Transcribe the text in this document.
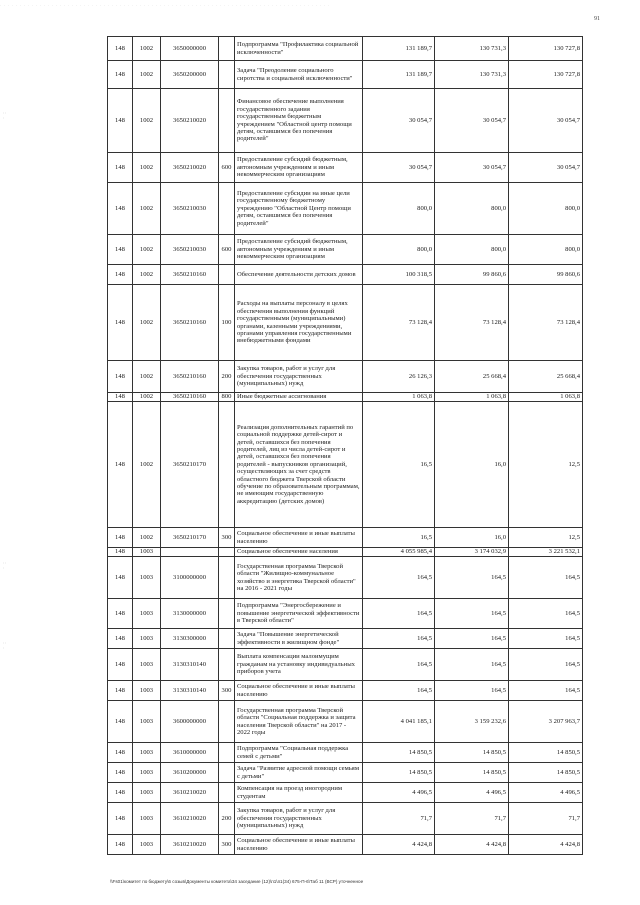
. . . . . . . . . . . . . . . . . . . . . . . . . . . . . . . . . . . . . . . . . . . . . . . . . . . . . . . . . . . . . . . . . . . . . . . . . . . . . . . . . . .
: : :
: : :
: : :
91
148	1002	3650000000		Подпрограмма "Профилактика социальной исключенности"	131 189,7	130 731,3	130 727,8
148	1002	3650200000		Задача "Преодоление социального сиротства и социальной исключенности"	131 189,7	130 731,3	130 727,8
148	1002	3650210020		Финансовое обеспечение выполнения государственного задания государственным бюджетным учреждением "Областной центр помощи детям, оставшимся без попечения родителей"	30 054,7	30 054,7	30 054,7
148	1002	3650210020	600	Предоставление субсидий бюджетным, автономным учреждениям и иным некоммерческим организациям	30 054,7	30 054,7	30 054,7
148	1002	3650210030		Предоставление субсидии на иные цели государственному бюджетному учреждению "Областной Центр помощи детям, оставшимся без попечения родителей"	800,0	800,0	800,0
148	1002	3650210030	600	Предоставление субсидий бюджетным, автономным учреждениям и иным некоммерческим организациям	800,0	800,0	800,0
148	1002	3650210160		Обеспечение деятельности детских домов	100 318,5	99 860,6	99 860,6
148	1002	3650210160	100	Расходы на выплаты персоналу в целях обеспечения выполнения функций государственными (муниципальными) органами, казенными учреждениями, органами управления государственными внебюджетными фондами	73 128,4	73 128,4	73 128,4
148	1002	3650210160	200	Закупка товаров, работ и услуг для обеспечения государственных (муниципальных) нужд	26 126,3	25 668,4	25 668,4
148	1002	3650210160	800	Иные бюджетные ассигнования	1 063,8	1 063,8	1 063,8
148	1002	3650210170		Реализация дополнительных гарантий по социальной поддержке детей-сирот и детей, оставшихся без попечения родителей, лиц из числа детей-сирот и детей, оставшихся без попечения родителей - выпускников организаций, осуществляющих за счет средств областного бюджета Тверской области обучение по образовательным программам, не имеющим государственную аккредитацию (детских домов)	16,5	16,0	12,5
148	1002	3650210170	300	Социальное обеспечение и иные выплаты населению	16,5	16,0	12,5
148	1003			Социальное обеспечение населения	4 055 985,4	3 174 032,9	3 221 532,1
148	1003	3100000000		Государственная программа Тверской области "Жилищно-коммунальное хозяйство и энергетика Тверской области" на 2016 - 2021 годы	164,5	164,5	164,5
148	1003	3130000000		Подпрограмма "Энергосбережение и повышение энергетической эффективности в Тверской области"	164,5	164,5	164,5
148	1003	3130300000		Задача "Повышение энергетической эффективности в жилищном фонде"	164,5	164,5	164,5
148	1003	3130310140		Выплата компенсации малоимущим гражданам на установку индивидуальных приборов учета	164,5	164,5	164,5
148	1003	3130310140	300	Социальное обеспечение и иные выплаты населению	164,5	164,5	164,5
148	1003	3600000000		Государственная программа Тверской области "Социальная поддержка и защита населения Тверской области" на 2017 - 2022 годы	4 041 185,1	3 159 232,6	3 207 963,7
148	1003	3610000000		Подпрограмма "Социальная поддержка семей с детьми"	14 850,5	14 850,5	14 850,5
148	1003	3610200000		Задача "Развитие адресной помощи семьям с детьми"	14 850,5	14 850,5	14 850,5
148	1003	3610210020		Компенсация на проезд иногородним студентам	4 496,5	4 496,5	4 496,5
148	1003	3610210020	200	Закупка товаров, работ и услуг для обеспечения государственных (муниципальных) нужд	71,7	71,7	71,7
148	1003	3610210020	300	Социальное обеспечение и иные выплаты населению	4 424,8	4 424,8	4 424,8
\\Fs01\комитет по бюджету\6 созыв\Документы комитета\34 заседание (12)\п1\п1(34) 675-П-6\Таб 11 (ВСР) уточненное
